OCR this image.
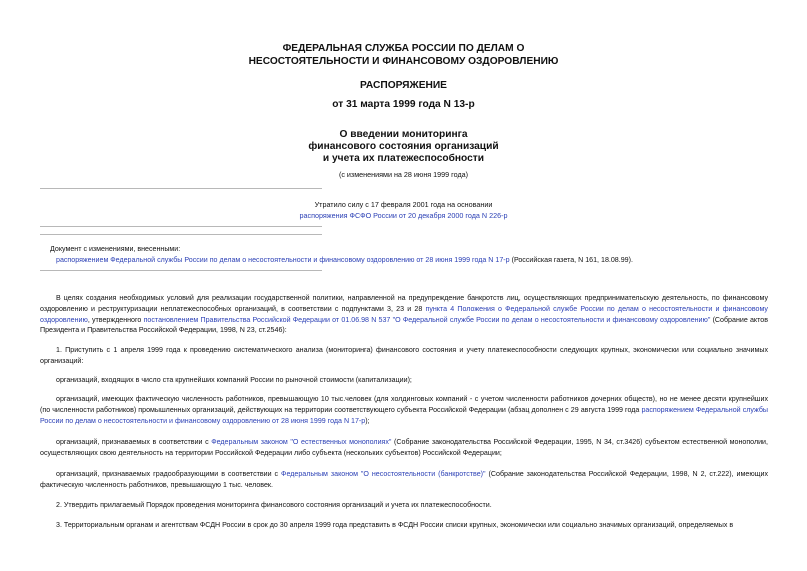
ФЕДЕРАЛЬНАЯ СЛУЖБА РОССИИ ПО ДЕЛАМ О
НЕСОСТОЯТЕЛЬНОСТИ И ФИНАНСОВОМУ ОЗДОРОВЛЕНИЮ
РАСПОРЯЖЕНИЕ
от 31 марта 1999 года N 13-р
О введении мониторинга
финансового состояния организаций
и учета их платежеспособности
(с изменениями на 28 июня 1999 года)
Утратило силу с 17 февраля 2001 года на основании
распоряжения ФСФО России от 20 декабря 2000 года N 226-р
Документ с изменениями, внесенными:
распоряжением Федеральной службы России по делам о несостоятельности и финансовому оздоровлению от 28 июня 1999 года N 17-р (Российская газета, N 161, 18.08.99).
В целях создания необходимых условий для реализации государственной политики, направленной на предупреждение банкротств лиц, осуществляющих предпринимательскую деятельность, по финансовому оздоровлению и реструктуризации неплатежеспособных организаций, в соответствии с подпунктами 3, 23 и 28 пункта 4 Положения о Федеральной службе России по делам о несостоятельности и финансовому оздоровлению, утвержденного постановлением Правительства Российской Федерации от 01.06.98 N 537 "О Федеральной службе России по делам о несостоятельности и финансовому оздоровлению" (Собрание актов Президента и Правительства Российской Федерации, 1998, N 23, ст.2546):
1. Приступить с 1 апреля 1999 года к проведению систематического анализа (мониторинга) финансового состояния и учету платежеспособности следующих крупных, экономически или социально значимых организаций:
организаций, входящих в число ста крупнейших компаний России по рыночной стоимости (капитализации);
организаций, имеющих фактическую численность работников, превышающую 10 тыс.человек (для холдинговых компаний - с учетом численности работников дочерних обществ), но не менее десяти крупнейших (по численности работников) промышленных организаций, действующих на территории соответствующего субъекта Российской Федерации (абзац дополнен с 29 августа 1999 года распоряжением Федеральной службы России по делам о несостоятельности и финансовому оздоровлению от 28 июня 1999 года N 17-р);
организаций, признаваемых в соответствии с Федеральным законом "О естественных монополиях" (Собрание законодательства Российской Федерации, 1995, N 34, ст.3426) субъектом естественной монополии, осуществляющих свою деятельность на территории Российской Федерации либо субъекта (нескольких субъектов) Российской Федерации;
организаций, признаваемых градообразующими в соответствии с Федеральным законом "О несостоятельности (банкротстве)" (Собрание законодательства Российской Федерации, 1998, N 2, ст.222), имеющих фактическую численность работников, превышающую 1 тыс. человек.
2. Утвердить прилагаемый Порядок проведения мониторинга финансового состояния организаций и учета их платежеспособности.
3. Территориальным органам и агентствам ФСДН России в срок до 30 апреля 1999 года представить в ФСДН России списки крупных, экономически или социально значимых организаций, определяемых в
